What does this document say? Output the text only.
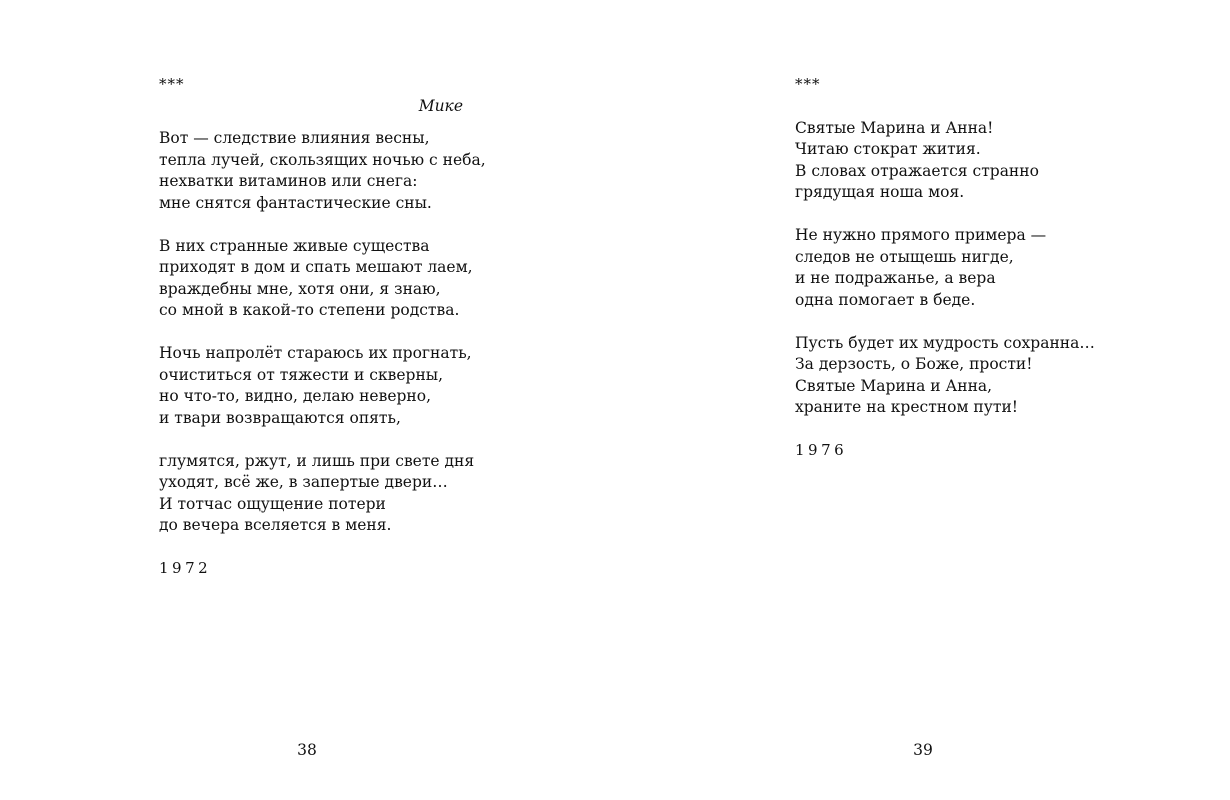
***
Мике
Вот — следствие влияния весны,
тепла лучей, скользящих ночью с неба,
нехватки витаминов или снега:
мне снятся фантастические сны.
В них странные живые существа
приходят в дом и спать мешают лаем,
враждебны мне, хотя они, я знаю,
со мной в какой-то степени родства.
Ночь напролёт стараюсь их прогнать,
очиститься от тяжести и скверны,
но что-то, видно, делаю неверно,
и твари возвращаются опять,
глумятся, ржут, и лишь при свете дня
уходят, всё же, в запертые двери…
И тотчас ощущение потери
до вечера вселяется в меня.
1972
38
***
Святые Марина и Анна!
Читаю стократ жития.
В словах отражается странно
грядущая ноша моя.
Не нужно прямого примера —
следов не отыщешь нигде,
и не подражанье, а вера
одна помогает в беде.
Пусть будет их мудрость сохранна…
За дерзость, о Боже, прости!
Святые Марина и Анна,
храните на крестном пути!
1976
39
